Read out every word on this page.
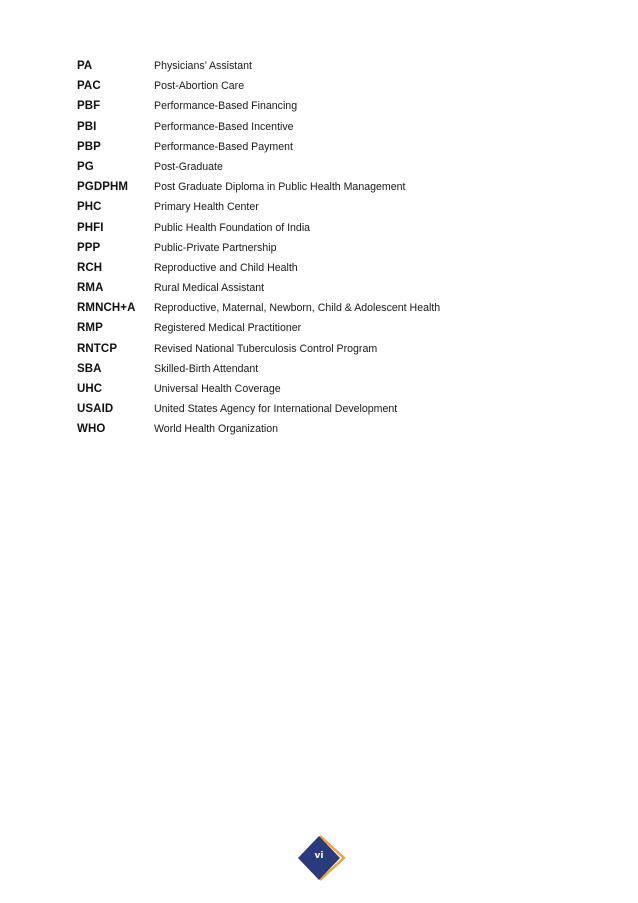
PA	Physicians’ Assistant
PAC	Post-Abortion Care
PBF	Performance-Based Financing
PBI	Performance-Based Incentive
PBP	Performance-Based Payment
PG	Post-Graduate
PGDPHM	Post Graduate Diploma in Public Health Management
PHC	Primary Health Center
PHFI	Public Health Foundation of India
PPP	Public-Private Partnership
RCH	Reproductive and Child Health
RMA	Rural Medical Assistant
RMNCH+A	Reproductive, Maternal, Newborn, Child & Adolescent Health
RMP	Registered Medical Practitioner
RNTCP	Revised National Tuberculosis Control Program
SBA	Skilled-Birth Attendant
UHC	Universal Health Coverage
USAID	United States Agency for International Development
WHO	World Health Organization
vi
